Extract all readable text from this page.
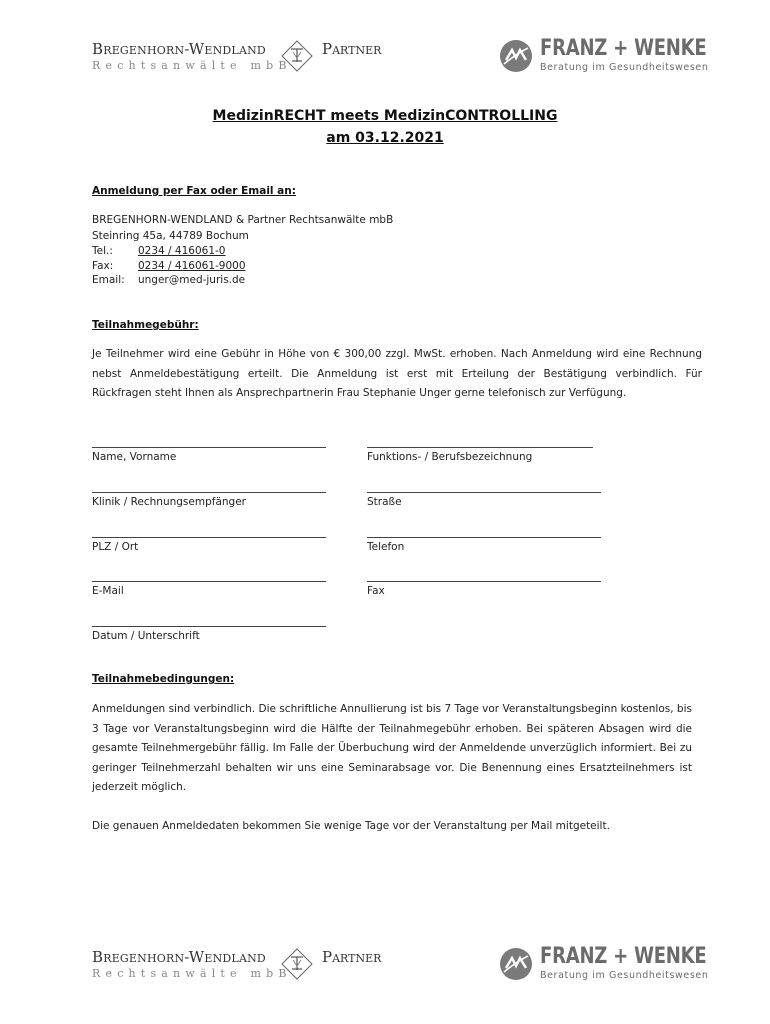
Bregenhorn-Wendland	Partner
Rechtsanwälte mbB
FRANZ + WENKE
Beratung im Gesundheitswesen
MedizinRECHT meets MedizinCONTROLLING
am 03.12.2021
Anmeldung per Fax oder Email an:
BREGENHORN-WENDLAND & Partner Rechtsanwälte mbB
Steinring 45a, 44789 Bochum
Tel.: 0234 / 416061-0
Fax: 0234 / 416061-9000
Email: unger@med-juris.de
Teilnahmegebühr:
Je Teilnehmer wird eine Gebühr in Höhe von € 300,00 zzgl. MwSt. erhoben. Nach Anmeldung wird eine Rechnung nebst Anmeldebestätigung erteilt. Die Anmeldung ist erst mit Erteilung der Bestätigung verbindlich. Für Rückfragen steht Ihnen als Ansprechpartnerin Frau Stephanie Unger gerne telefonisch zur Verfügung.
Name, Vorname	Funktions- / Berufsbezeichnung
Klinik / Rechnungsempfänger	Straße
PLZ / Ort	Telefon
E-Mail	Fax
Datum / Unterschrift
Teilnahmebedingungen:
Anmeldungen sind verbindlich. Die schriftliche Annullierung ist bis 7 Tage vor Veranstaltungsbeginn kostenlos, bis 3 Tage vor Veranstaltungsbeginn wird die Hälfte der Teilnahmegebühr erhoben. Bei späteren Absagen wird die gesamte Teilnehmergebühr fällig. Im Falle der Überbuchung wird der Anmeldende unverzüglich informiert. Bei zu geringer Teilnehmerzahl behalten wir uns eine Seminarabsage vor. Die Benennung eines Ersatzteilnehmers ist jederzeit möglich.
Die genauen Anmeldedaten bekommen Sie wenige Tage vor der Veranstaltung per Mail mitgeteilt.
Bregenhorn-Wendland	Partner
Rechtsanwälte mbB
FRANZ + WENKE
Beratung im Gesundheitswesen
